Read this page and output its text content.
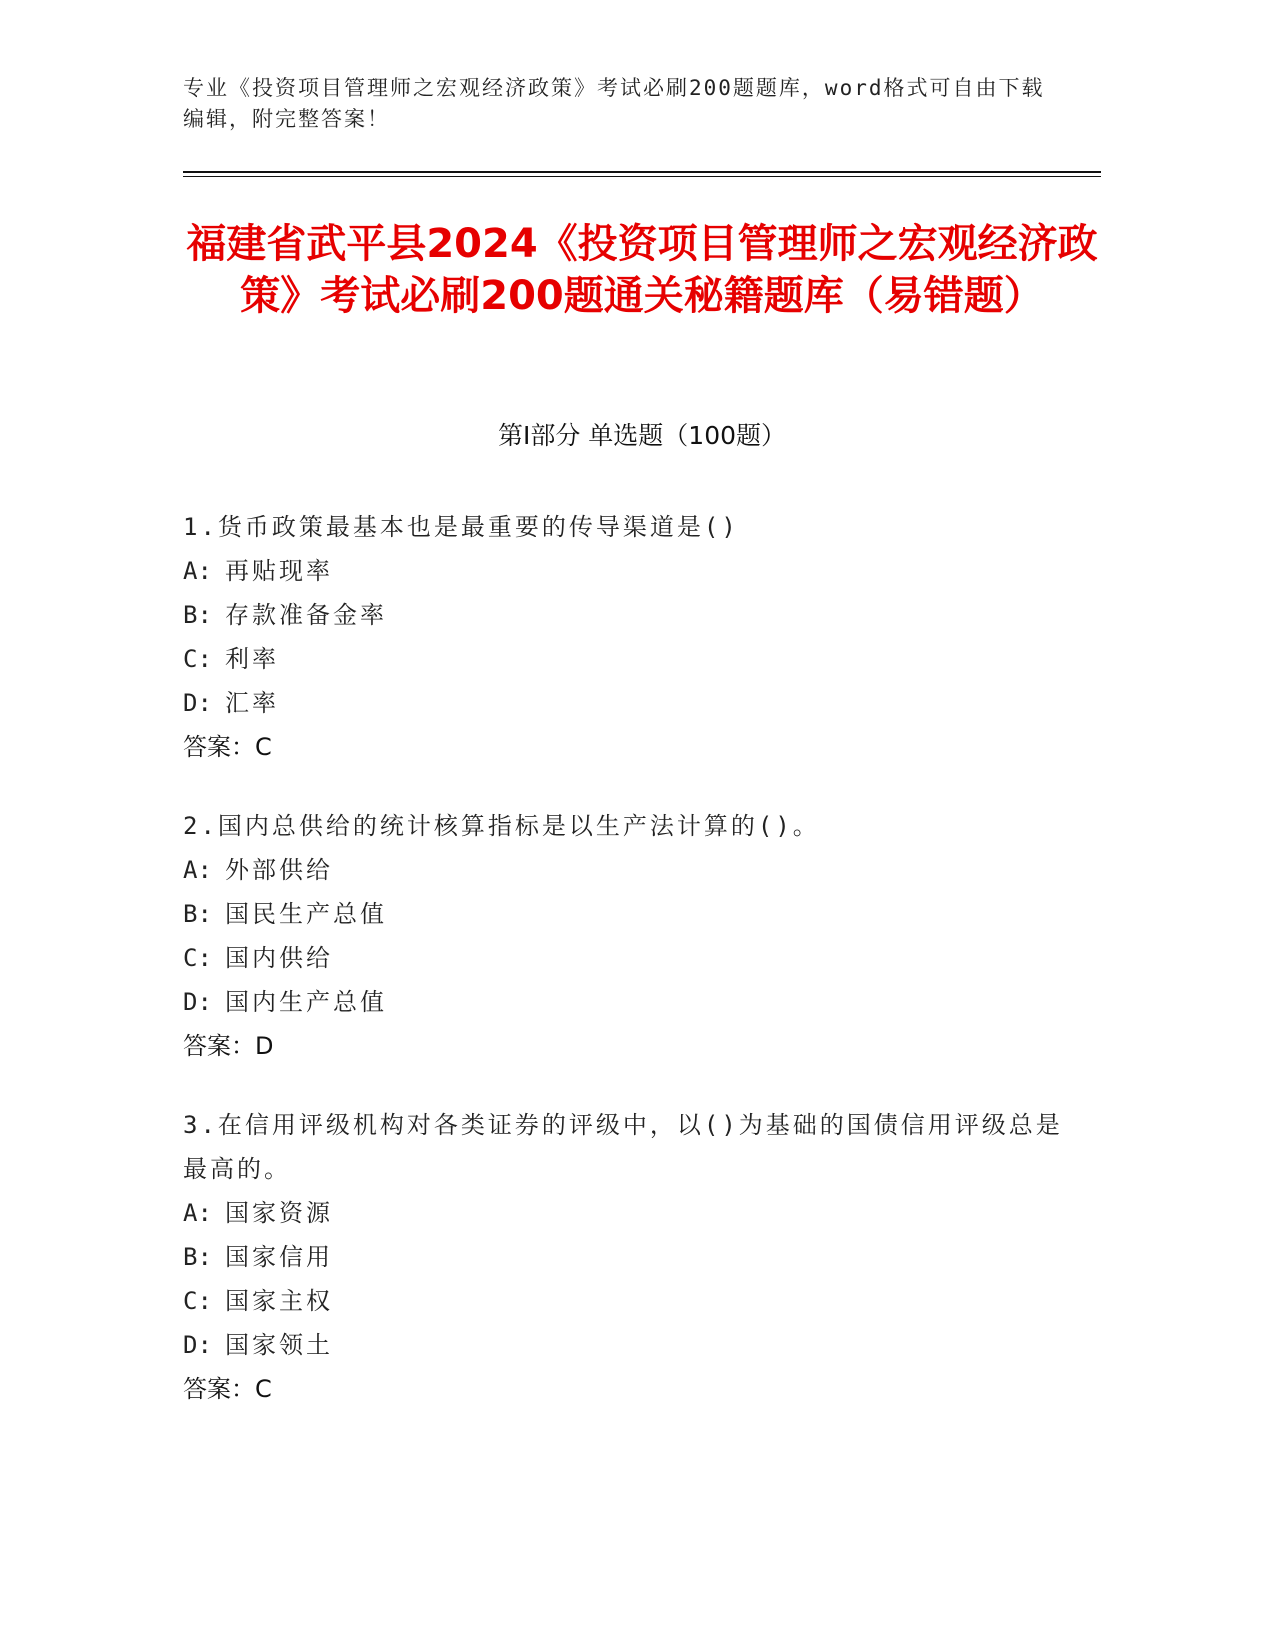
专业《投资项目管理师之宏观经济政策》考试必刷200题题库，word格式可自由下载编辑，附完整答案！
福建省武平县2024《投资项目管理师之宏观经济政策》考试必刷200题通关秘籍题库（易错题）
第I部分 单选题（100题）
1.货币政策最基本也是最重要的传导渠道是()
A: 再贴现率
B: 存款准备金率
C: 利率
D: 汇率
答案：C
2.国内总供给的统计核算指标是以生产法计算的()。
A: 外部供给
B: 国民生产总值
C: 国内供给
D: 国内生产总值
答案：D
3.在信用评级机构对各类证券的评级中，以()为基础的国债信用评级总是最高的。
A: 国家资源
B: 国家信用
C: 国家主权
D: 国家领土
答案：C
